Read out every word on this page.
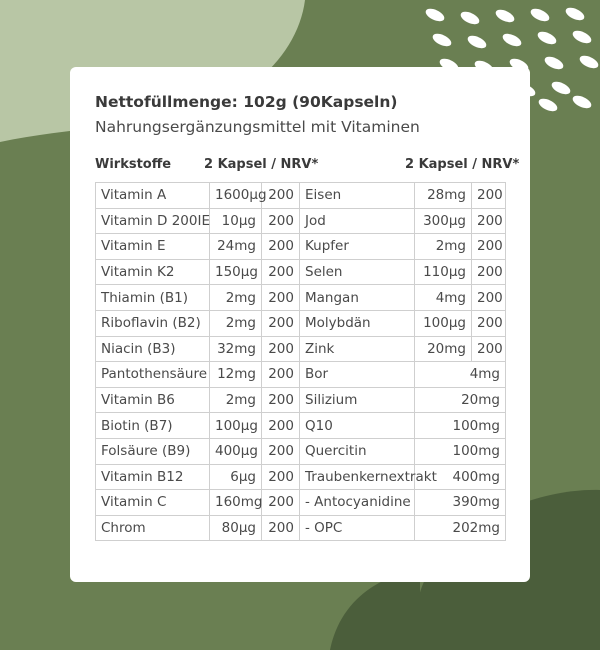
Nettofüllmenge: 102g (90Kapseln)

Nahrungsergänzungsmittel mit Vitaminen

Wirkstoffe	2 Kapsel / NRV*	2 Kapsel / NRV*
Vitamin A	1600µg	200	Eisen	28mg	200
Vitamin D 200IE	10µg	200	Jod	300µg	200
Vitamin E	24mg	200	Kupfer	2mg	200
Vitamin K2	150µg	200	Selen	110µg	200
Thiamin (B1)	2mg	200	Mangan	4mg	200
Riboflavin (B2)	2mg	200	Molybdän	100µg	200
Niacin (B3)	32mg	200	Zink	20mg	200
Pantothensäure	12mg	200	Bor	4mg	
Vitamin B6	2mg	200	Silizium	20mg	
Biotin (B7)	100µg	200	Q10	100mg	
Folsäure (B9)	400µg	200	Quercitin	100mg	
Vitamin B12	6µg	200	Traubenkernextrakt	400mg	
Vitamin C	160mg	200	- Antocyanidine	390mg	
Chrom	80µg	200	- OPC	202mg	
